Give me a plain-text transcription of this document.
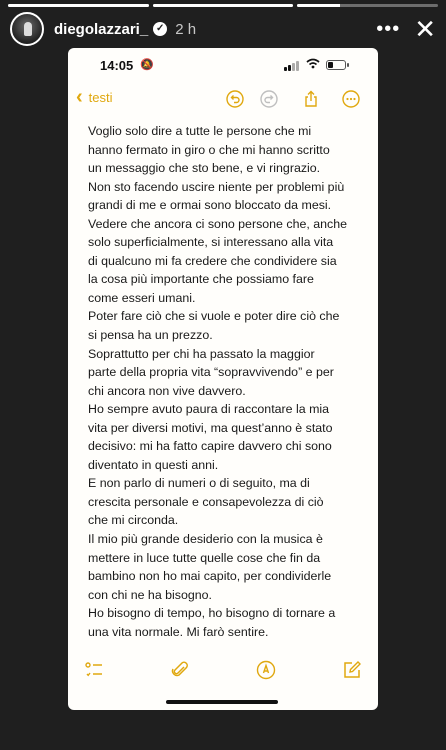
diegolazzari_ ✓ 2 h	••• ✕
14:05 🔕
‹ testi

Voglio solo dire a tutte le persone che mi

hanno fermato in giro o che mi hanno scritto

un messaggio che sto bene, e vi ringrazio.

Non sto facendo uscire niente per problemi più

grandi di me e ormai sono bloccato da mesi.

Vedere che ancora ci sono persone che, anche

solo superficialmente, si interessano alla vita

di qualcuno mi fa credere che condividere sia

la cosa più importante che possiamo fare

come esseri umani.

Poter fare ciò che si vuole e poter dire ciò che

si pensa ha un prezzo.

Soprattutto per chi ha passato la maggior

parte della propria vita “sopravvivendo” e per

chi ancora non vive davvero.

Ho sempre avuto paura di raccontare la mia

vita per diversi motivi, ma quest’anno è stato

decisivo: mi ha fatto capire davvero chi sono

diventato in questi anni.

E non parlo di numeri o di seguito, ma di

crescita personale e consapevolezza di ciò

che mi circonda.

Il mio più grande desiderio con la musica è

mettere in luce tutte quelle cose che fin da

bambino non ho mai capito, per condividerle

con chi ne ha bisogno.

Ho bisogno di tempo, ho bisogno di tornare a

una vita normale. Mi farò sentire.
